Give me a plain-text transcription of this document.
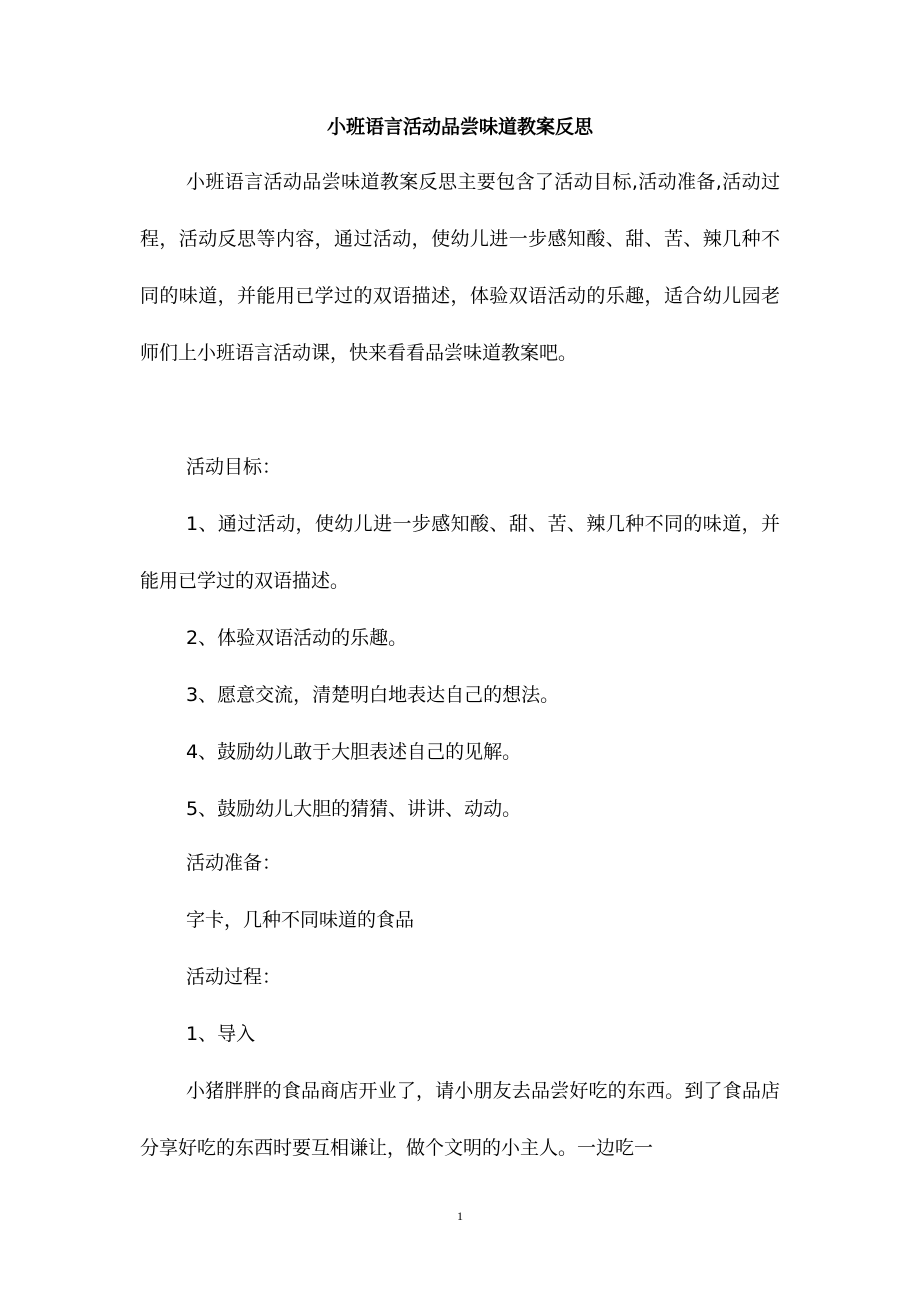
小班语言活动品尝味道教案反思

小班语言活动品尝味道教案反思主要包含了活动目标,活动准备,活动过程，活动反思等内容，通过活动，使幼儿进一步感知酸、甜、苦、辣几种不同的味道，并能用已学过的双语描述，体验双语活动的乐趣，适合幼儿园老师们上小班语言活动课，快来看看品尝味道教案吧。

活动目标：

1、通过活动，使幼儿进一步感知酸、甜、苦、辣几种不同的味道，并能用已学过的双语描述。

2、体验双语活动的乐趣。

3、愿意交流，清楚明白地表达自己的想法。

4、鼓励幼儿敢于大胆表述自己的见解。

5、鼓励幼儿大胆的猜猜、讲讲、动动。

活动准备：

字卡，几种不同味道的食品

活动过程：

1、导入

小猪胖胖的食品商店开业了，请小朋友去品尝好吃的东西。到了食品店分享好吃的东西时要互相谦让，做个文明的小主人。一边吃一

1
